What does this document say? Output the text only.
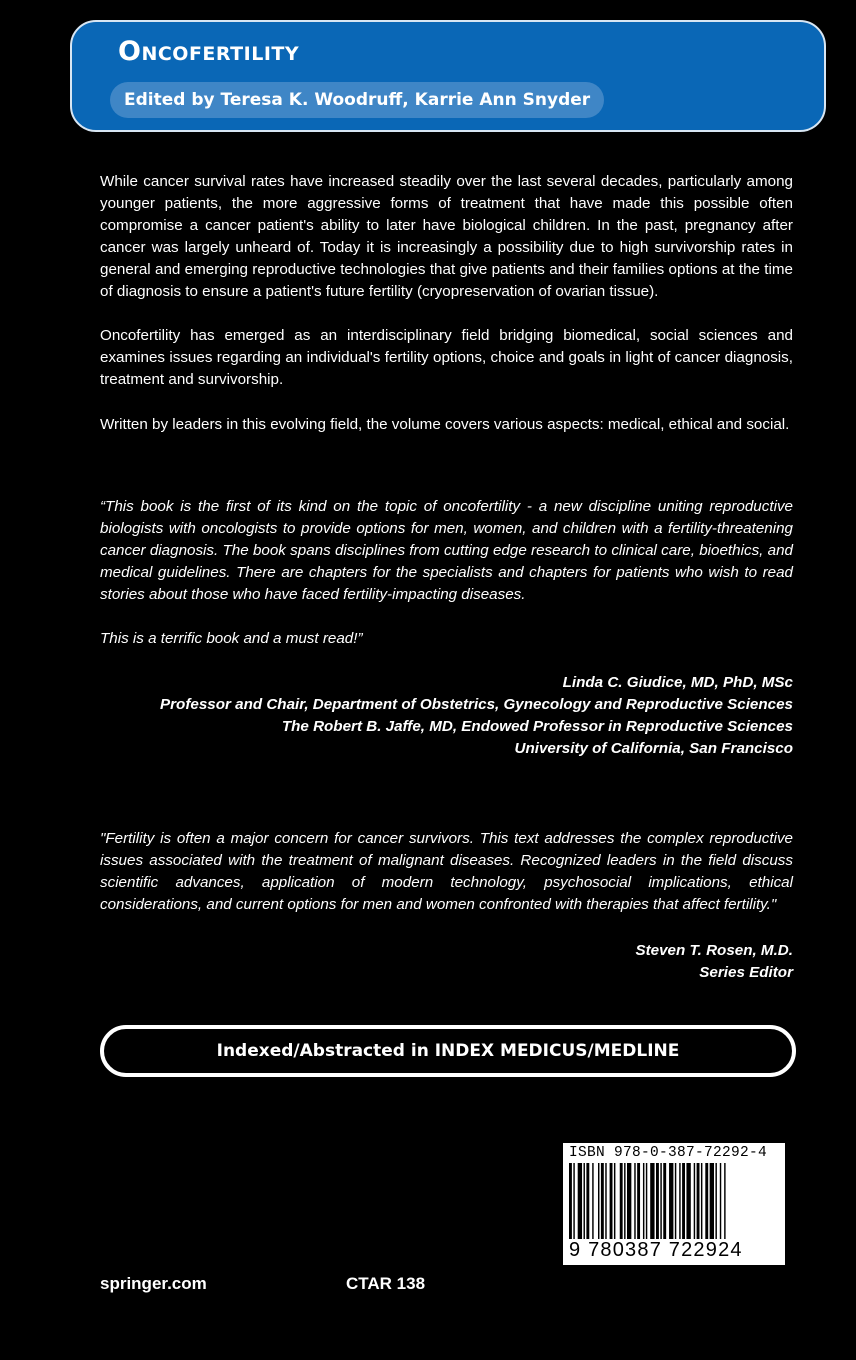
Oncofertility
Edited by Teresa K. Woodruff, Karrie Ann Snyder

While cancer survival rates have increased steadily over the last several decades, particularly among younger patients, the more aggressive forms of treatment that have made this possible often compromise a cancer patient's ability to later have biological children. In the past, pregnancy after cancer was largely unheard of. Today it is increasingly a possibility due to high survivorship rates in general and emerging reproductive technologies that give patients and their families options at the time of diagnosis to ensure a patient's future fertility (cryopreservation of ovarian tissue).

Oncofertility has emerged as an interdisciplinary field bridging biomedical, social sciences and examines issues regarding an individual's fertility options, choice and goals in light of cancer diagnosis, treatment and survivorship.

Written by leaders in this evolving field, the volume covers various aspects: medical, ethical and social.

“This book is the first of its kind on the topic of oncofertility - a new discipline uniting reproductive biologists with oncologists to provide options for men, women, and children with a fertility-threatening cancer diagnosis. The book spans disciplines from cutting edge research to clinical care, bioethics, and medical guidelines. There are chapters for the specialists and chapters for patients who wish to read stories about those who have faced fertility-impacting diseases.

This is a terrific book and a must read!”

Linda C. Giudice, MD, PhD, MSc
Professor and Chair, Department of Obstetrics, Gynecology and Reproductive Sciences
The Robert B. Jaffe, MD, Endowed Professor in Reproductive Sciences
University of California, San Francisco

"Fertility is often a major concern for cancer survivors. This text addresses the complex reproductive issues associated with the treatment of malignant diseases. Recognized leaders in the field discuss scientific advances, application of modern technology, psychosocial implications, ethical considerations, and current options for men and women confronted with therapies that affect fertility."

Steven T. Rosen, M.D.
Series Editor
Indexed/Abstracted in INDEX MEDICUS/MEDLINE
ISBN 978-0-387-72292-4
9 780387 722924
springer.com	CTAR 138
